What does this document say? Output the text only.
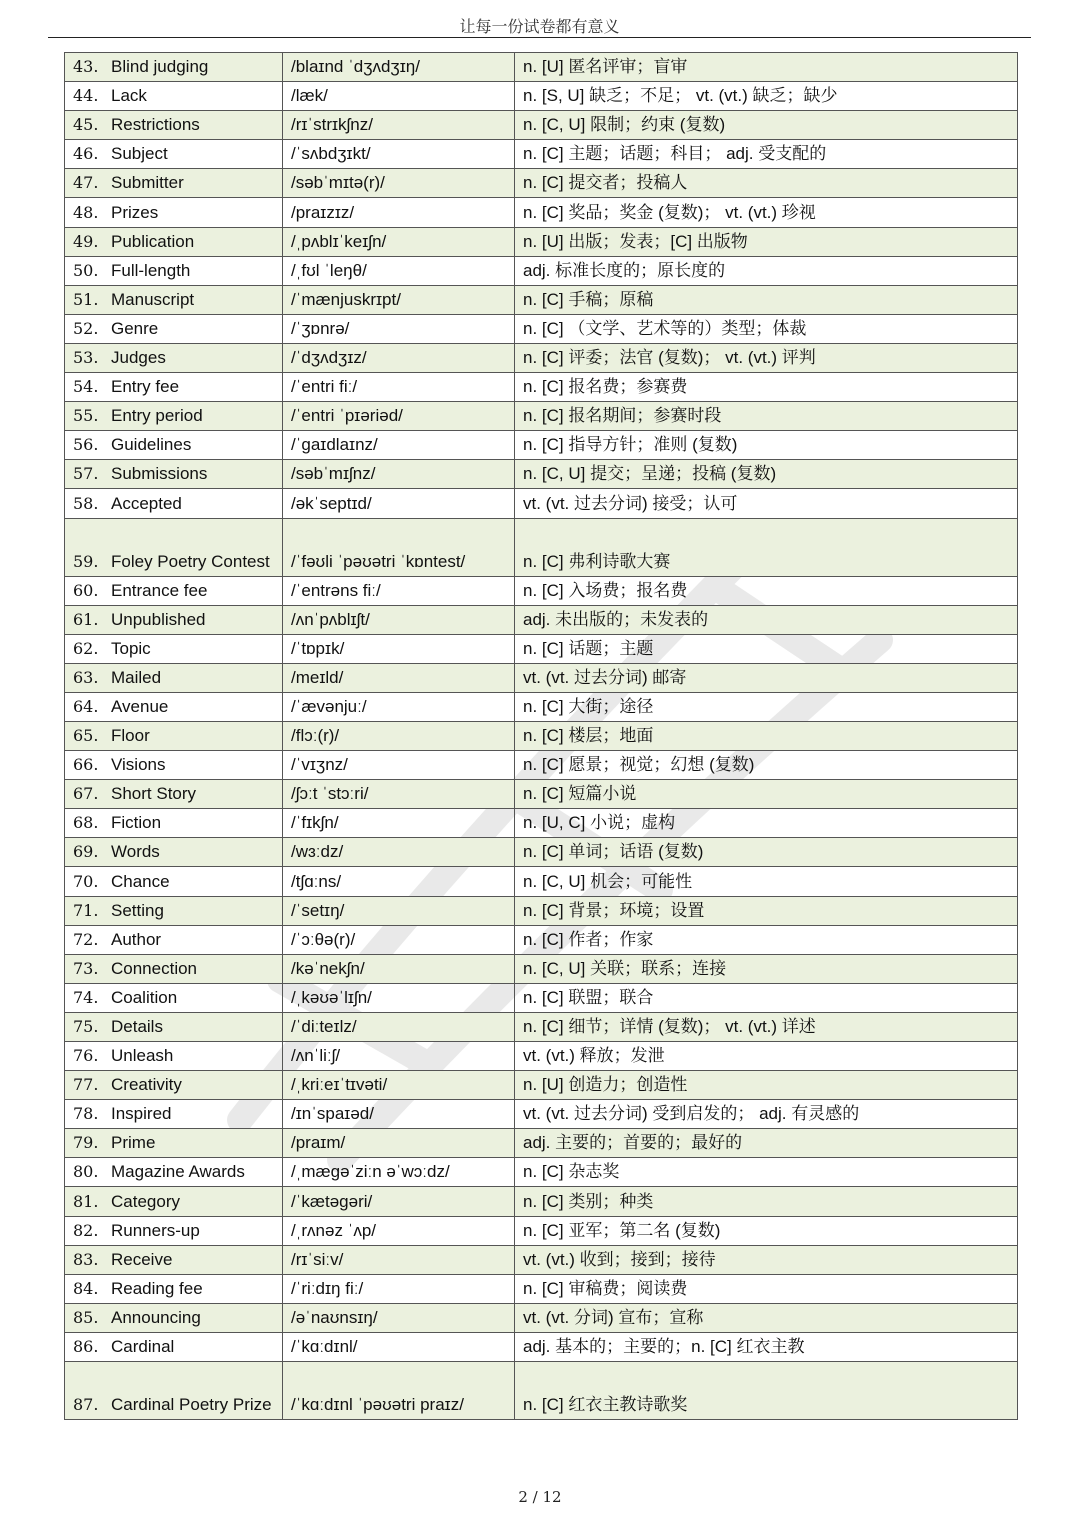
让每一份试卷都有意义
43. Blind judging	/blaɪnd ˈdʒʌdʒɪŋ/	n. [U] 匿名评审；盲审
44. Lack	/læk/	n. [S, U] 缺乏；不足； vt. (vt.) 缺乏；缺少
45. Restrictions	/rɪˈstrɪkʃnz/	n. [C, U] 限制；约束 (复数)
46. Subject	/ˈsʌbdʒɪkt/	n. [C] 主题；话题；科目； adj. 受支配的
47. Submitter	/səbˈmɪtə(r)/	n. [C] 提交者；投稿人
48. Prizes	/praɪzɪz/	n. [C] 奖品；奖金 (复数)； vt. (vt.) 珍视
49. Publication	/ˌpʌblɪˈkeɪʃn/	n. [U] 出版；发表；[C] 出版物
50. Full-length	/ˌfʊl ˈleŋθ/	adj. 标准长度的；原长度的
51. Manuscript	/ˈmænjuskrɪpt/	n. [C] 手稿；原稿
52. Genre	/ˈʒɒnrə/	n. [C] （文学、艺术等的）类型；体裁
53. Judges	/ˈdʒʌdʒɪz/	n. [C] 评委；法官 (复数)； vt. (vt.) 评判
54. Entry fee	/ˈentri fiː/	n. [C] 报名费；参赛费
55. Entry period	/ˈentri ˈpɪəriəd/	n. [C] 报名期间；参赛时段
56. Guidelines	/ˈɡaɪdlaɪnz/	n. [C] 指导方针；准则 (复数)
57. Submissions	/səbˈmɪʃnz/	n. [C, U] 提交；呈递；投稿 (复数)
58. Accepted	/əkˈseptɪd/	vt. (vt. 过去分词) 接受；认可
59. Foley Poetry Contest	/ˈfəʊli ˈpəʊətri ˈkɒntest/	n. [C] 弗利诗歌大赛
60. Entrance fee	/ˈentrəns fiː/	n. [C] 入场费；报名费
61. Unpublished	/ʌnˈpʌblɪʃt/	adj. 未出版的；未发表的
62. Topic	/ˈtɒpɪk/	n. [C] 话题；主题
63. Mailed	/meɪld/	vt. (vt. 过去分词) 邮寄
64. Avenue	/ˈævənjuː/	n. [C] 大街；途径
65. Floor	/flɔː(r)/	n. [C] 楼层；地面
66. Visions	/ˈvɪʒnz/	n. [C] 愿景；视觉；幻想 (复数)
67. Short Story	/ʃɔːt ˈstɔːri/	n. [C] 短篇小说
68. Fiction	/ˈfɪkʃn/	n. [U, C] 小说；虚构
69. Words	/wɜːdz/	n. [C] 单词；话语 (复数)
70. Chance	/tʃɑːns/	n. [C, U] 机会；可能性
71. Setting	/ˈsetɪŋ/	n. [C] 背景；环境；设置
72. Author	/ˈɔːθə(r)/	n. [C] 作者；作家
73. Connection	/kəˈnekʃn/	n. [C, U] 关联；联系；连接
74. Coalition	/ˌkəʊəˈlɪʃn/	n. [C] 联盟；联合
75. Details	/ˈdiːteɪlz/	n. [C] 细节；详情 (复数)； vt. (vt.) 详述
76. Unleash	/ʌnˈliːʃ/	vt. (vt.) 释放；发泄
77. Creativity	/ˌkriːeɪˈtɪvəti/	n. [U] 创造力；创造性
78. Inspired	/ɪnˈspaɪəd/	vt. (vt. 过去分词) 受到启发的； adj. 有灵感的
79. Prime	/praɪm/	adj. 主要的；首要的；最好的
80. Magazine Awards	/ˌmæɡəˈziːn əˈwɔːdz/	n. [C] 杂志奖
81. Category	/ˈkætəɡəri/	n. [C] 类别；种类
82. Runners-up	/ˌrʌnəz ˈʌp/	n. [C] 亚军；第二名 (复数)
83. Receive	/rɪˈsiːv/	vt. (vt.) 收到；接到；接待
84. Reading fee	/ˈriːdɪŋ fiː/	n. [C] 审稿费；阅读费
85. Announcing	/əˈnaʊnsɪŋ/	vt. (vt. 分词) 宣布；宣称
86. Cardinal	/ˈkɑːdɪnl/	adj. 基本的；主要的；n. [C] 红衣主教
87. Cardinal Poetry Prize	/ˈkɑːdɪnl ˈpəʊətri praɪz/	n. [C] 红衣主教诗歌奖
2 / 12
